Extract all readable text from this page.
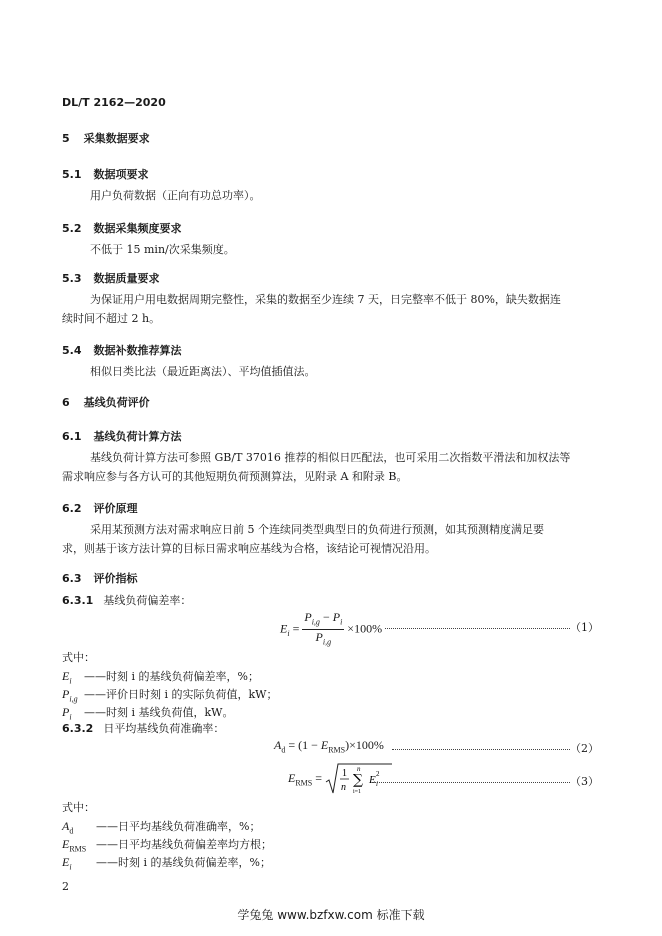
DL/T 2162—2020
5 采集数据要求
5.1 数据项要求
用户负荷数据（正向有功总功率）。
5.2 数据采集频度要求
不低于 15 min/次采集频度。
5.3 数据质量要求
为保证用户用电数据周期完整性，采集的数据至少连续 7 天，日完整率不低于 80%，缺失数据连
续时间不超过 2 h。
5.4 数据补数推荐算法
相似日类比法（最近距离法）、平均值插值法。
6 基线负荷评价
6.1 基线负荷计算方法
基线负荷计算方法可参照 GB/T 37016 推荐的相似日匹配法，也可采用二次指数平滑法和加权法等
需求响应参与各方认可的其他短期负荷预测算法，见附录 A 和附录 B。
6.2 评价原理
采用某预测方法对需求响应日前 5 个连续同类型典型日的负荷进行预测，如其预测精度满足要
求，则基于该方法计算的目标日需求响应基线为合格，该结论可视情况沿用。
6.3 评价指标
6.3.1 基线负荷偏差率：
$E_i = \frac{P_{i,g} - P_i}{P_{i,g}} \times 100\%$	（1）
式中：
$E_i$ ——时刻 i 的基线负荷偏差率，%；
$P_{i,g}$ ——评价日时刻 i 的实际负荷值，kW；
$P_i$ ——时刻 i 基线负荷值，kW。
6.3.2 日平均基线负荷准确率：
$A_d = (1 - E_{RMS})\times 100\%$	（2）
$E_{RMS} = 1$
n
n
∑
i=1
E i
2
（3）
式中：
$A_d$ ——日平均基线负荷准确率，%；
$E_{RMS}$ ——日平均基线负荷偏差率均方根；
$E_i$ ——时刻 i 的基线负荷偏差率，%；
2
学兔兔 www.bzfxw.com 标准下载
